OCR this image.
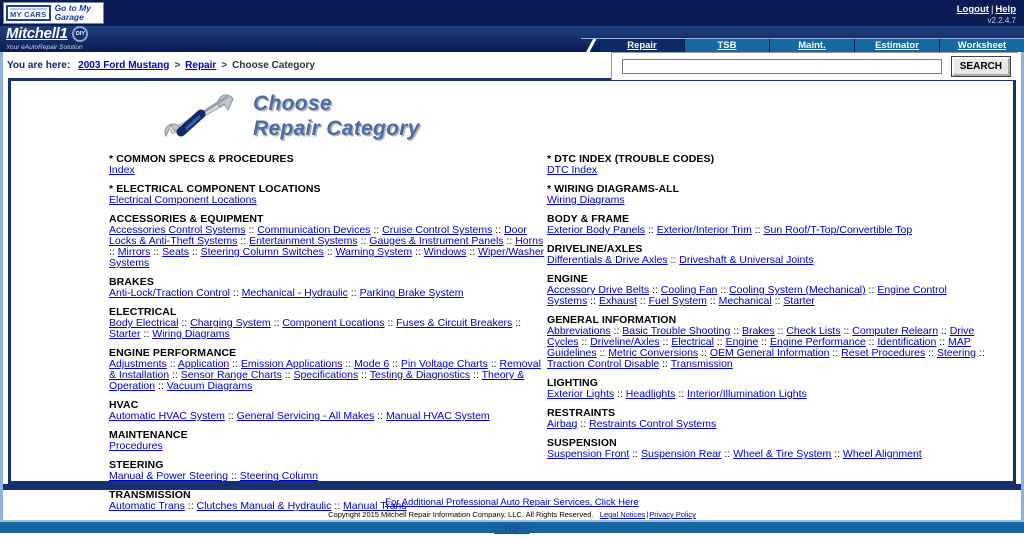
MY CARS
Go to My Garage
Logout | Help
v2.2.4.7
Mitchell1 DIY
Your eAutoRepair Solution	Repair	TSB	Maint.	Estimator	Worksheet
You are here: 2003 Ford Mustang > Repair > Choose Category	SEARCH
Choose
Repair Category
* COMMON SPECS & PROCEDURES

Index

* ELECTRICAL COMPONENT LOCATIONS

Electrical Component Locations

ACCESSORIES & EQUIPMENT

Accessories Control Systems :: Communication Devices :: Cruise Control Systems :: Door Locks & Anti-Theft Systems :: Entertainment Systems :: Gauges & Instrument Panels :: Horns :: Mirrors :: Seats :: Steering Column Switches :: Warning System :: Windows :: Wiper/Washer Systems

BRAKES

Anti-Lock/Traction Control :: Mechanical - Hydraulic :: Parking Brake System

ELECTRICAL

Body Electrical :: Charging System :: Component Locations :: Fuses & Circuit Breakers :: Starter :: Wiring Diagrams

ENGINE PERFORMANCE

Adjustments :: Application :: Emission Applications :: Mode 6 :: Pin Voltage Charts :: Removal & Installation :: Sensor Range Charts :: Specifications :: Testing & Diagnostics :: Theory & Operation :: Vacuum Diagrams

HVAC

Automatic HVAC System :: General Servicing - All Makes :: Manual HVAC System

MAINTENANCE

Procedures

STEERING

Manual & Power Steering :: Steering Column

TRANSMISSION

Automatic Trans :: Clutches Manual & Hydraulic :: Manual Trans

* DTC INDEX (TROUBLE CODES)

DTC Index

* WIRING DIAGRAMS-ALL

Wiring Diagrams

BODY & FRAME

Exterior Body Panels :: Exterior/Interior Trim :: Sun Roof/T-Top/Convertible Top

DRIVELINE/AXLES

Differentials & Drive Axles :: Driveshaft & Universal Joints

ENGINE

Accessory Drive Belts :: Cooling Fan :: Cooling System (Mechanical) :: Engine Control Systems :: Exhaust :: Fuel System :: Mechanical :: Starter

GENERAL INFORMATION

Abbreviations :: Basic Trouble Shooting :: Brakes :: Check Lists :: Computer Relearn :: Drive Cycles :: Driveline/Axles :: Electrical :: Engine :: Engine Performance :: Identification :: MAP Guidelines :: Metric Conversions :: OEM General Information :: Reset Procedures :: Steering :: Traction Control Disable :: Transmission

LIGHTING

Exterior Lights :: Headlights :: Interior/Illumination Lights

RESTRAINTS

Airbag :: Restraints Control Systems

SUSPENSION

Suspension Front :: Suspension Rear :: Wheel & Tire System :: Wheel Alignment

For Additional Professional Auto Repair Services, Click Here
Copyright 2015 Mitchell Repair Information Company, LLC. All Rights Reserved. Legal Notices|Privacy Policy
:: TOP ::
